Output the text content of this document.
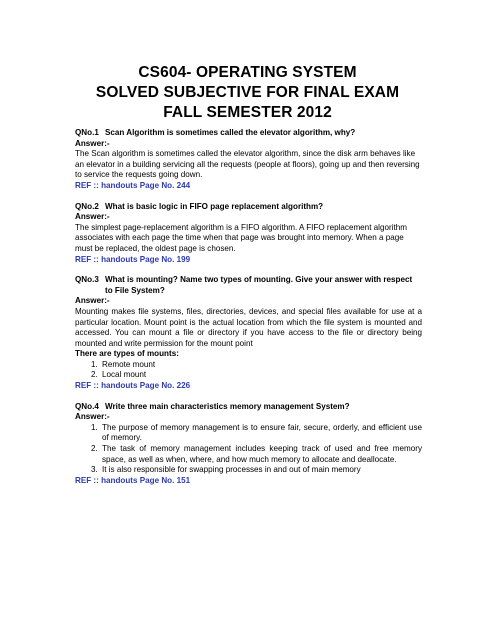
CS604- OPERATING SYSTEM
SOLVED SUBJECTIVE FOR FINAL EXAM
FALL SEMESTER 2012
QNo.1 Scan Algorithm is sometimes called the elevator algorithm, why?
Answer:-
The Scan algorithm is sometimes called the elevator algorithm, since the disk arm behaves like an elevator in a building servicing all the requests (people at floors), going up and then reversing to service the requests going down.
REF :: handouts Page No. 244
QNo.2 What is basic logic in FIFO page replacement algorithm?
Answer:-
The simplest page-replacement algorithm is a FIFO algorithm. A FIFO replacement algorithm associates with each page the time when that page was brought into memory. When a page must be replaced, the oldest page is chosen.
REF :: handouts Page No. 199
QNo.3 What is mounting? Name two types of mounting. Give your answer with respect to File System?
Answer:-
Mounting makes file systems, files, directories, devices, and special files available for use at a particular location. Mount point is the actual location from which the file system is mounted and accessed. You can mount a file or directory if you have access to the file or directory being mounted and write permission for the mount point
There are types of mounts:
1. Remote mount
2. Local mount
REF :: handouts Page No. 226
QNo.4 Write three main characteristics memory management System?
Answer:-
1. The purpose of memory management is to ensure fair, secure, orderly, and efficient use of memory.
2. The task of memory management includes keeping track of used and free memory space, as well as when, where, and how much memory to allocate and deallocate.
3. It is also responsible for swapping processes in and out of main memory
REF :: handouts Page No. 151
